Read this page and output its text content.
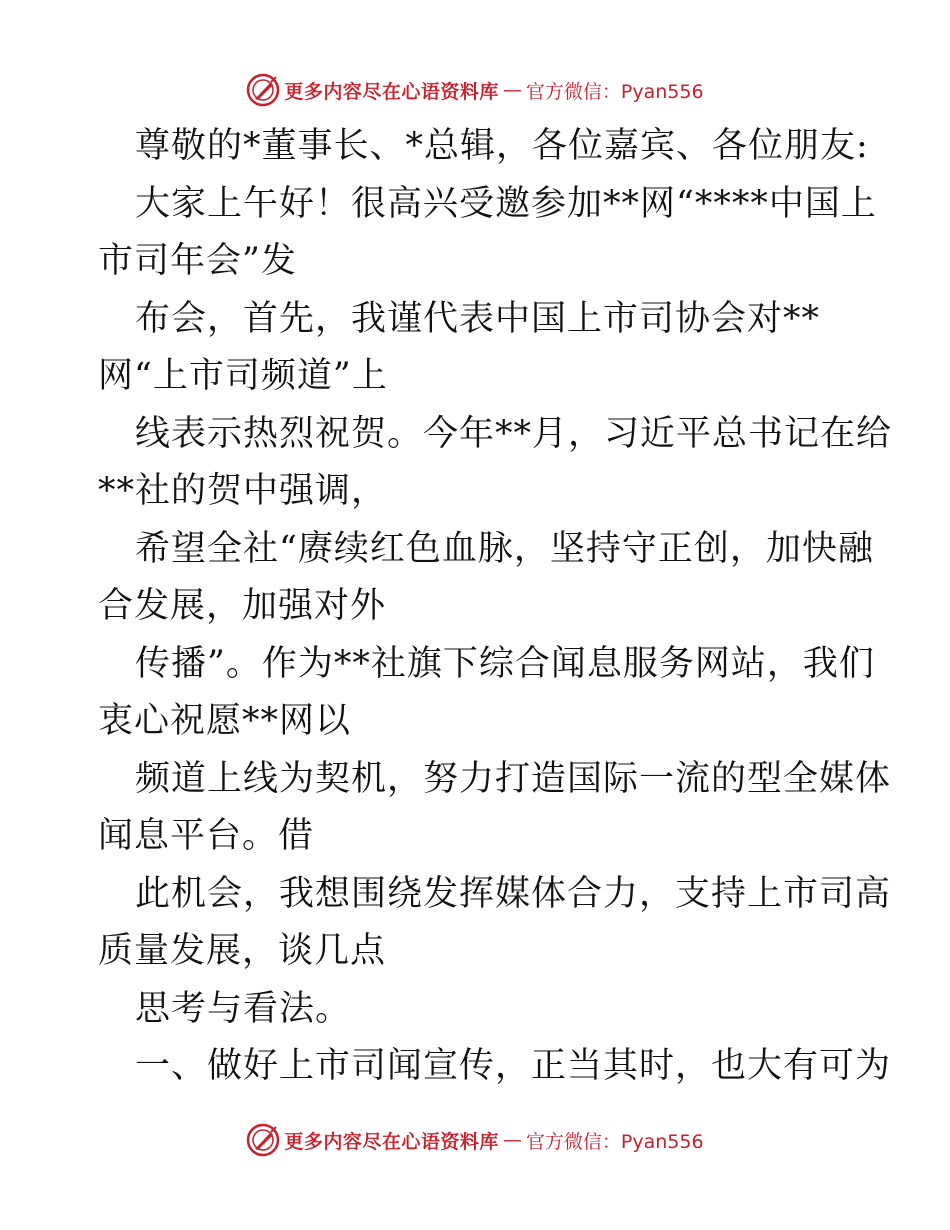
更多内容尽在心语资料库 — 官方微信：Pyan556
尊敬的*董事长、*总辑，各位嘉宾、各位朋友:
大家上午好！很高兴受邀参加**网“****中国上
市司年会”发
布会，首先，我谨代表中国上市司协会对**
网“上市司频道”上
线表示热烈祝贺。今年**月，习近平总书记在给
**社的贺中强调，
希望全社“赓续红色血脉，坚持守正创，加快融
合发展，加强对外
传播”。作为**社旗下综合闻息服务网站，我们
衷心祝愿**网以
频道上线为契机，努力打造国际一流的型全媒体
闻息平台。借
此机会，我想围绕发挥媒体合力，支持上市司高
质量发展，谈几点
思考与看法。
一、做好上市司闻宣传，正当其时，也大有可为
更多内容尽在心语资料库 — 官方微信：Pyan556
